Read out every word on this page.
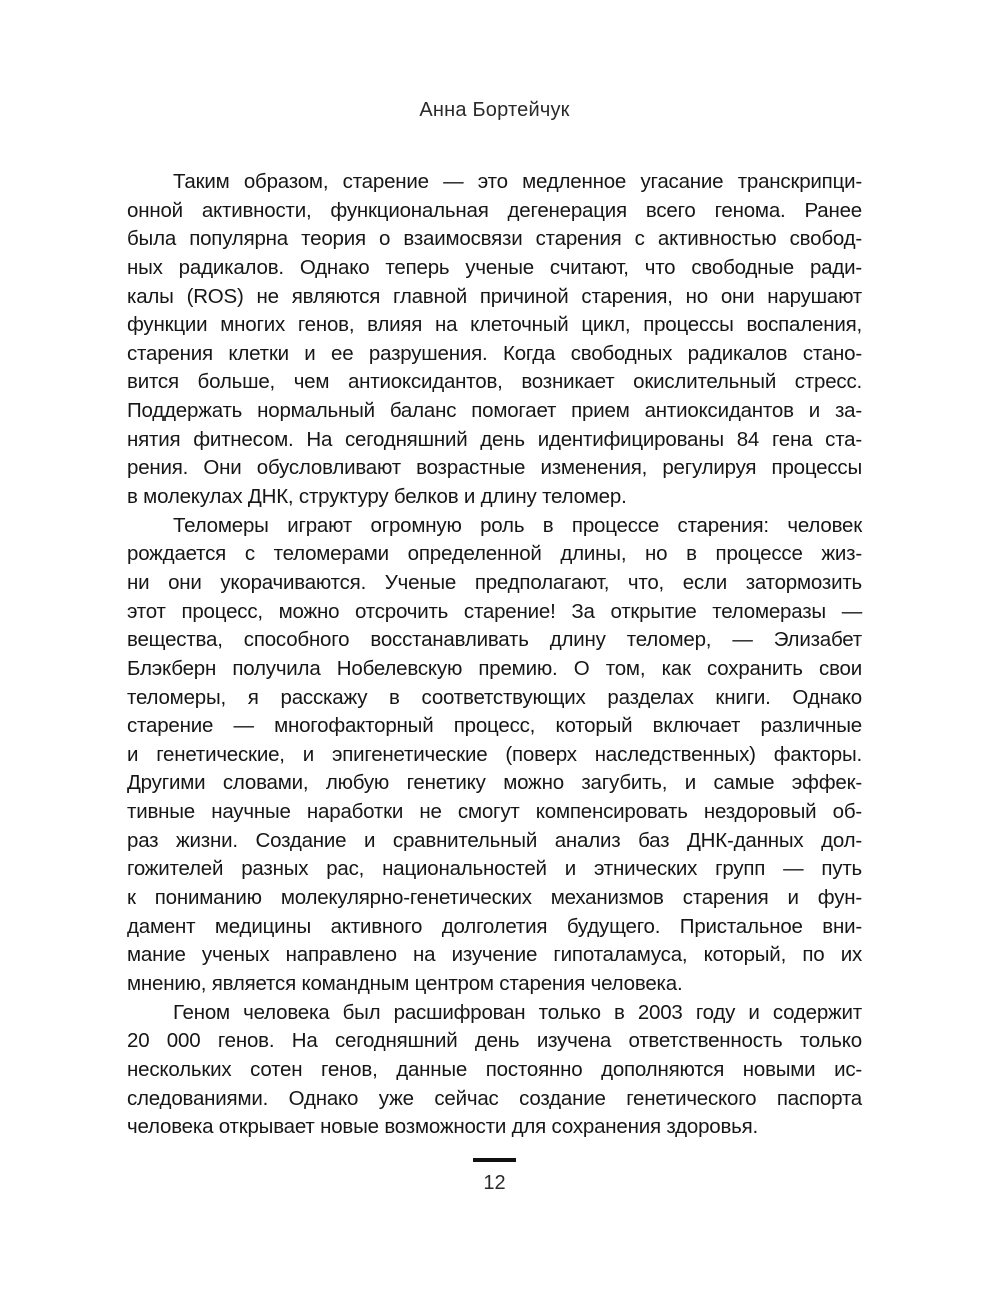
Анна Бортейчук
Таким образом, старение — это медленное угасание транскрипци-
онной активности, функциональная дегенерация всего генома. Ранее
была популярна теория о взаимосвязи старения с активностью свобод-
ных радикалов. Однако теперь ученые считают, что свободные ради-
калы (ROS) не являются главной причиной старения, но они нарушают
функции многих генов, влияя на клеточный цикл, процессы воспаления,
старения клетки и ее разрушения. Когда свободных радикалов стано-
вится больше, чем антиоксидантов, возникает окислительный стресс.
Поддержать нормальный баланс помогает прием антиоксидантов и за-
нятия фитнесом. На сегодняшний день идентифицированы 84 гена ста-
рения. Они обусловливают возрастные изменения, регулируя процессы
в молекулах ДНК, структуру белков и длину теломер.
Теломеры играют огромную роль в процессе старения: человек
рождается с теломерами определенной длины, но в процессе жиз-
ни они укорачиваются. Ученые предполагают, что, если затормозить
этот процесс, можно отсрочить старение! За открытие теломеразы —
вещества, способного восстанавливать длину теломер, — Элизабет
Блэкберн получила Нобелевскую премию. О том, как сохранить свои
теломеры, я расскажу в соответствующих разделах книги. Однако
старение — многофакторный процесс, который включает различные
и генетические, и эпигенетические (поверх наследственных) факторы.
Другими словами, любую генетику можно загубить, и самые эффек-
тивные научные наработки не смогут компенсировать нездоровый об-
раз жизни. Создание и сравнительный анализ баз ДНК-данных дол-
гожителей разных рас, национальностей и этнических групп — путь
к пониманию молекулярно-генетических механизмов старения и фун-
дамент медицины активного долголетия будущего. Пристальное вни-
мание ученых направлено на изучение гипоталамуса, который, по их
мнению, является командным центром старения человека.
Геном человека был расшифрован только в 2003 году и содержит
20 000 генов. На сегодняшний день изучена ответственность только
нескольких сотен генов, данные постоянно дополняются новыми ис-
следованиями. Однако уже сейчас создание генетического паспорта
человека открывает новые возможности для сохранения здоровья.
12
